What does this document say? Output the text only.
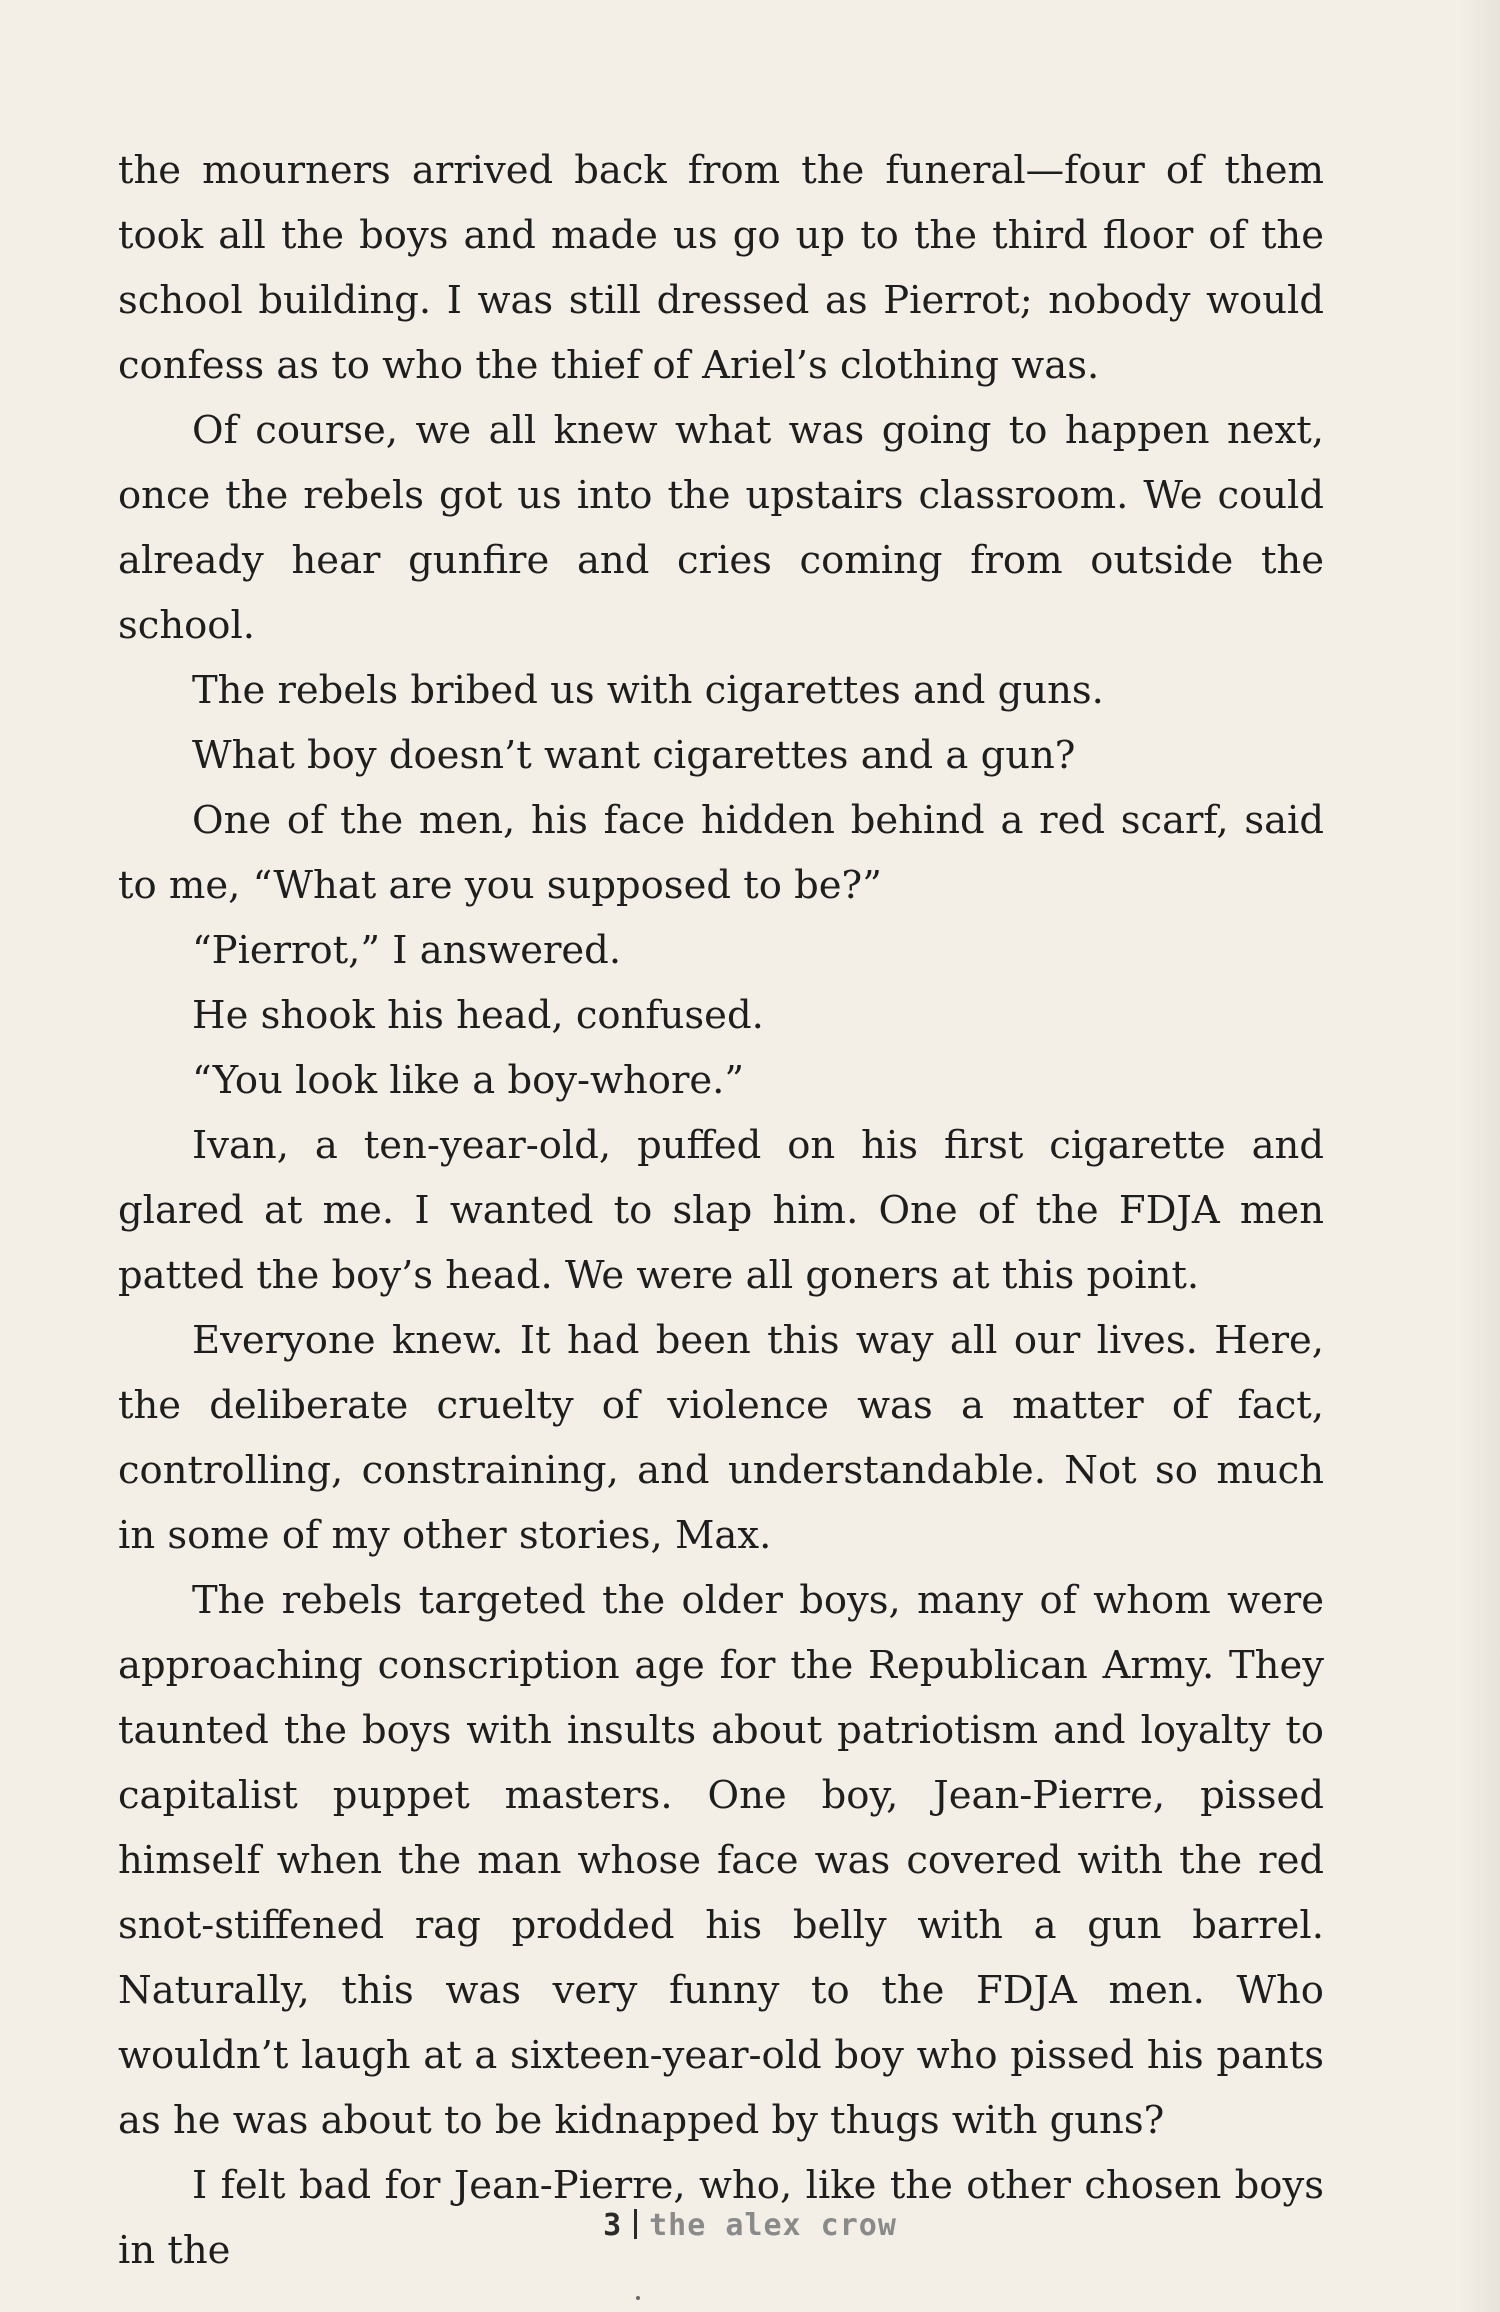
the mourners arrived back from the funeral—four of them took all the boys and made us go up to the third floor of the school building. I was still dressed as Pierrot; nobody would confess as to who the thief of Ariel’s clothing was.

Of course, we all knew what was going to happen next, once the rebels got us into the upstairs classroom. We could already hear gunfire and cries coming from outside the school.

The rebels bribed us with cigarettes and guns.

What boy doesn’t want cigarettes and a gun?

One of the men, his face hidden behind a red scarf, said to me, “What are you supposed to be?”

“Pierrot,” I answered.

He shook his head, confused.

“You look like a boy-whore.”

Ivan, a ten-year-old, puffed on his first cigarette and glared at me. I wanted to slap him. One of the FDJA men patted the boy’s head. We were all goners at this point.

Everyone knew. It had been this way all our lives. Here, the deliberate cruelty of violence was a matter of fact, controlling, constraining, and understandable. Not so much in some of my other stories, Max.

The rebels targeted the older boys, many of whom were approaching conscription age for the Republican Army. They taunted the boys with insults about patriotism and loyalty to capitalist puppet masters. One boy, Jean-Pierre, pissed himself when the man whose face was covered with the red snot-stiffened rag prodded his belly with a gun barrel. Naturally, this was very funny to the FDJA men. Who wouldn’t laugh at a sixteen-year-old boy who pissed his pants as he was about to be kidnapped by thugs with guns?

I felt bad for Jean-Pierre, who, like the other chosen boys in the

3 the alex crow
